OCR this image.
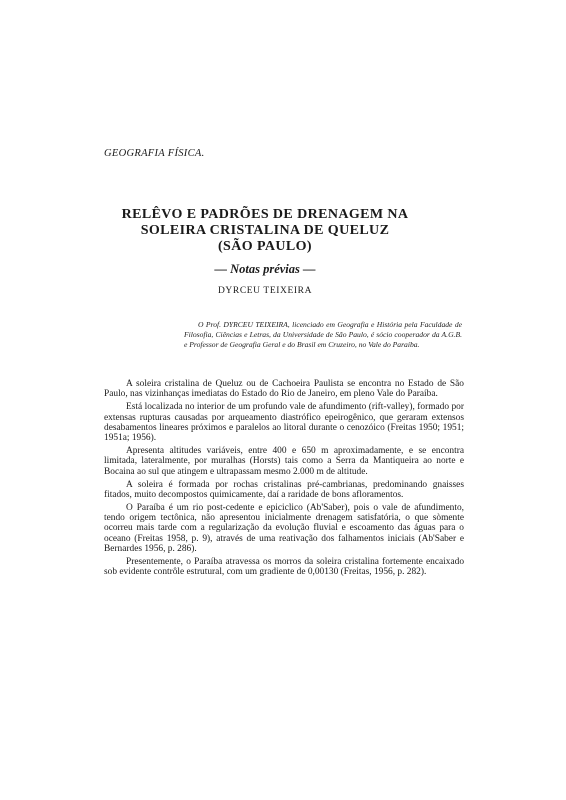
GEOGRAFIA FÍSICA.
RELÊVO E PADRÕES DE DRENAGEM NA
SOLEIRA CRISTALINA DE QUELUZ
(SÃO PAULO)
— Notas prévias —
DYRCEU TEIXEIRA
O Prof. DYRCEU TEIXEIRA, licenciado em Geografia e História pela Faculdade de Filosofia, Ciências e Letras, da Universidade de São Paulo, é sócio cooperador da A.G.B. e Professor de Geografia Geral e do Brasil em Cruzeiro, no Vale do Paraíba.

A soleira cristalina de Queluz ou de Cachoeira Paulista se encontra no Estado de São Paulo, nas vizinhanças imediatas do Estado do Rio de Janeiro, em pleno Vale do Paraíba.

Está localizada no interior de um profundo vale de afundimento (rift-valley), formado por extensas rupturas causadas por arqueamento diastrófico epeirogênico, que geraram extensos desabamentos lineares próximos e paralelos ao litoral durante o cenozóico (Freitas 1950; 1951; 1951a; 1956).

Apresenta altitudes variáveis, entre 400 e 650 m aproximadamente, e se encontra limitada, lateralmente, por muralhas (Horsts) tais como a Serra da Mantiqueira ao norte e Bocaina ao sul que atingem e ultrapassam mesmo 2.000 m de altitude.

A soleira é formada por rochas cristalinas pré-cambrianas, predominando gnaisses fitados, muito decompostos quimicamente, daí a raridade de bons afloramentos.

O Paraíba é um rio post-cedente e epiciclico (Ab'Saber), pois o vale de afundimento, tendo origem tectônica, não apresentou inicialmente drenagem satisfatória, o que sòmente ocorreu mais tarde com a regularização da evolução fluvial e escoamento das águas para o oceano (Freitas 1958, p. 9), através de uma reativação dos falhamentos iniciais (Ab'Saber e Bernardes 1956, p. 286).

Presentemente, o Paraíba atravessa os morros da soleira cristalina fortemente encaixado sob evidente contrôle estrutural, com um gradiente de 0,00130 (Freitas, 1956, p. 282).
